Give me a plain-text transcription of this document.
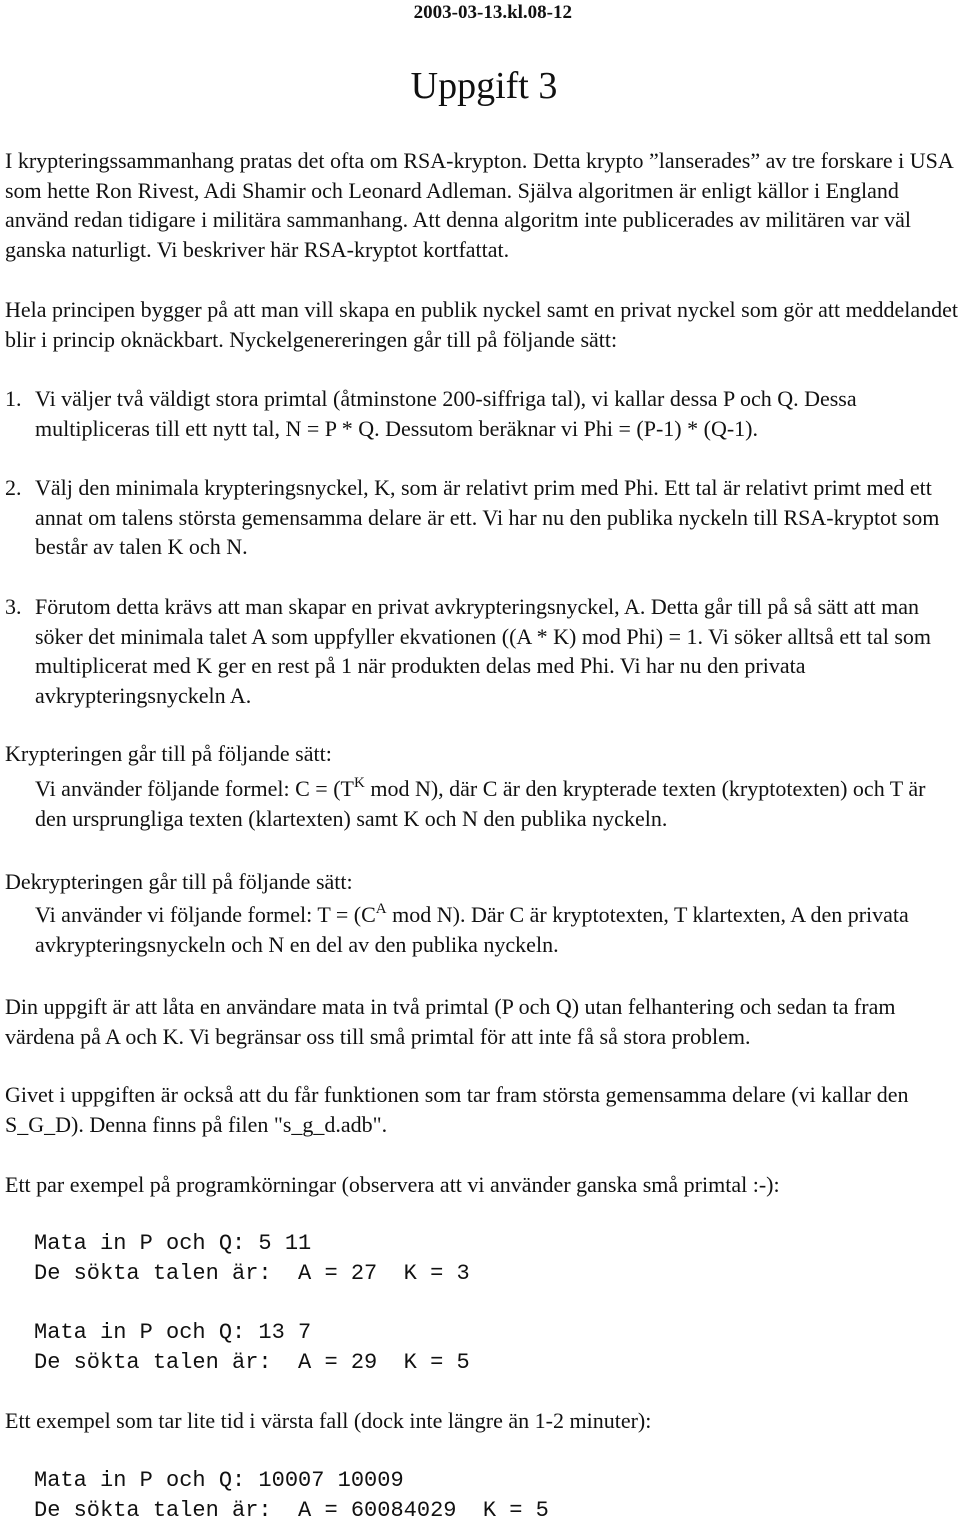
2003-03-13.kl.08-12
Uppgift 3

I krypteringssammanhang pratas det ofta om RSA-krypton. Detta krypto ”lanserades” av tre forskare i USA som hette Ron Rivest, Adi Shamir och Leonard Adleman. Själva algoritmen är enligt källor i England använd redan tidigare i militära sammanhang. Att denna algoritm inte publicerades av militären var väl ganska naturligt. Vi beskriver här RSA-kryptot kortfattat.

Hela principen bygger på att man vill skapa en publik nyckel samt en privat nyckel som gör att meddelandet blir i princip oknäckbart. Nyckelgenereringen går till på följande sätt:

1. Vi väljer två väldigt stora primtal (åtminstone 200-siffriga tal), vi kallar dessa P och Q. Dessa multipliceras till ett nytt tal, N = P * Q. Dessutom beräknar vi Phi = (P-1) * (Q-1).
2. Välj den minimala krypteringsnyckel, K, som är relativt prim med Phi. Ett tal är relativt primt med ett annat om talens största gemensamma delare är ett. Vi har nu den publika nyckeln till RSA-kryptot som består av talen K och N.
3. Förutom detta krävs att man skapar en privat avkrypteringsnyckel, A. Detta går till på så sätt att man söker det minimala talet A som uppfyller ekvationen ((A * K) mod Phi) = 1. Vi söker alltså ett tal som multiplicerat med K ger en rest på 1 när produkten delas med Phi. Vi har nu den privata avkrypteringsnyckeln A.

Krypteringen går till på följande sätt:

Vi använder följande formel: $C = (T^K$ mod N), där C är den krypterade texten (kryptotexten) och T är den ursprungliga texten (klartexten) samt K och N den publika nyckeln.

Dekrypteringen går till på följande sätt:

Vi använder vi följande formel: $T = (C^A$ mod N). Där C är kryptotexten, T klartexten, A den privata avkrypteringsnyckeln och N en del av den publika nyckeln.

Din uppgift är att låta en användare mata in två primtal (P och Q) utan felhantering och sedan ta fram värdena på A och K. Vi begränsar oss till små primtal för att inte få så stora problem.

Givet i uppgiften är också att du får funktionen som tar fram största gemensamma delare (vi kallar den S_G_D). Denna finns på filen "s_g_d.adb".

Ett par exempel på programkörningar (observera att vi använder ganska små primtal :-):

Mata in P och Q: 5 11
De sökta talen är:  A = 27  K = 3
Mata in P och Q: 13 7
De sökta talen är:  A = 29  K = 5

Ett exempel som tar lite tid i värsta fall (dock inte längre än 1-2 minuter):

Mata in P och Q: 10007 10009
De sökta talen är:  A = 60084029  K = 5
